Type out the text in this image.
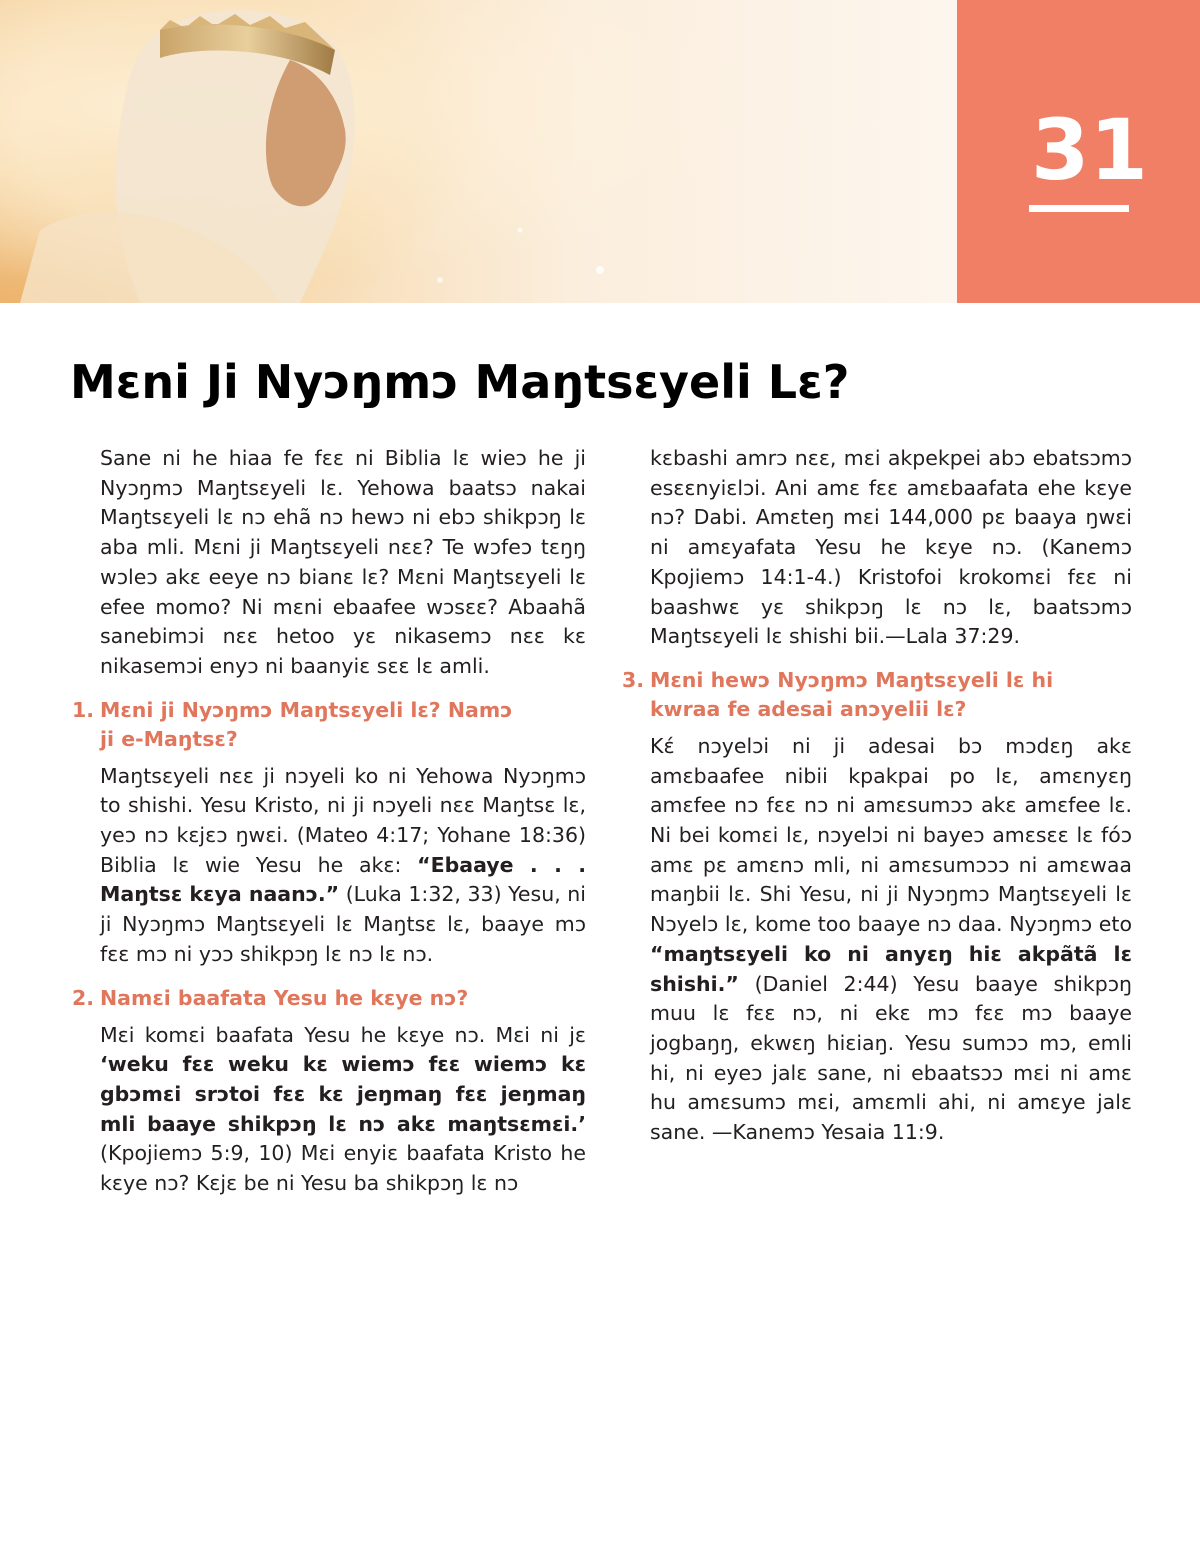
31
Mɛni Ji Nyɔŋmɔ Maŋtsɛyeli Lɛ?

Sane ni he hiaa fe fɛɛ ni Biblia lɛ wieɔ he ji Nyɔŋmɔ Maŋtsɛyeli lɛ. Yehowa baatsɔ nakai Maŋtsɛyeli lɛ nɔ ehã nɔ hewɔ ni ebɔ shikpɔŋ lɛ aba mli. Mɛni ji Maŋtsɛyeli nɛɛ? Te wɔfeɔ tɛŋŋ wɔleɔ akɛ eeye nɔ bianɛ lɛ? Mɛni Maŋtsɛyeli lɛ efee momo? Ni mɛni ebaafee wɔsɛɛ? Abaahã sanebimɔi nɛɛ hetoo yɛ nikasemɔ nɛɛ kɛ nikasemɔi enyɔ ni baanyiɛ sɛɛ lɛ amli.

1. Mɛni ji Nyɔŋmɔ Maŋtsɛyeli lɛ? Namɔ
ji e-Maŋtsɛ?

Maŋtsɛyeli nɛɛ ji nɔyeli ko ni Yehowa Nyɔŋmɔ to shishi. Yesu Kristo, ni ji nɔyeli nɛɛ Maŋtsɛ lɛ, yeɔ nɔ kɛjɛɔ ŋwɛi. (Mateo 4:17; Yohane 18:36) Biblia lɛ wie Yesu he akɛ: “Ebaaye . . . Maŋtsɛ kɛya naanɔ.” (Luka 1:32, 33) Yesu, ni ji Nyɔŋmɔ Maŋtsɛyeli lɛ Maŋtsɛ lɛ, baaye mɔ fɛɛ mɔ ni yɔɔ shikpɔŋ lɛ nɔ lɛ nɔ.

2. Namɛi baafata Yesu he kɛye nɔ?

Mɛi komɛi baafata Yesu he kɛye nɔ. Mɛi ni jɛ ‘weku fɛɛ weku kɛ wiemɔ fɛɛ wiemɔ kɛ gbɔmɛi srɔtoi fɛɛ kɛ jeŋmaŋ fɛɛ jeŋmaŋ mli baaye shikpɔŋ lɛ nɔ akɛ maŋtsɛmɛi.’ (Kpojiemɔ 5:9, 10) Mɛi enyiɛ baafata Kristo he kɛye nɔ? Kɛjɛ be ni Yesu ba shikpɔŋ lɛ nɔ

kɛbashi amrɔ nɛɛ, mɛi akpekpei abɔ ebatsɔmɔ esɛɛnyiɛlɔi. Ani amɛ fɛɛ amɛbaafata ehe kɛye nɔ? Dabi. Amɛteŋ mɛi 144,000 pɛ baaya ŋwɛi ni amɛyafata Yesu he kɛye nɔ. (Kanemɔ Kpojiemɔ 14:1-4.) Kristofoi krokomɛi fɛɛ ni baashwɛ yɛ shikpɔŋ lɛ nɔ lɛ, baatsɔmɔ Maŋtsɛyeli lɛ shishi bii.—Lala 37:29.

3. Mɛni hewɔ Nyɔŋmɔ Maŋtsɛyeli lɛ hi
kwraa fe adesai anɔyelii lɛ?

Kɛ́ nɔyelɔi ni ji adesai bɔ mɔdɛŋ akɛ amɛbaafee nibii kpakpai po lɛ, amɛnyɛŋ amɛfee nɔ fɛɛ nɔ ni amɛsumɔɔ akɛ amɛfee lɛ. Ni bei komɛi lɛ, nɔyelɔi ni bayeɔ amɛsɛɛ lɛ fóɔ amɛ pɛ amɛnɔ mli, ni amɛsumɔɔɔ ni amɛwaa maŋbii lɛ. Shi Yesu, ni ji Nyɔŋmɔ Maŋtsɛyeli lɛ Nɔyelɔ lɛ, kome too baaye nɔ daa. Nyɔŋmɔ eto “maŋtsɛyeli ko ni anyɛŋ hiɛ akpãtã lɛ shishi.” (Daniel 2:44) Yesu baaye shikpɔŋ muu lɛ fɛɛ nɔ, ni ekɛ mɔ fɛɛ mɔ baaye jogbaŋŋ, ekwɛŋ hiɛiaŋ. Yesu sumɔɔ mɔ, emli hi, ni eyeɔ jalɛ sane, ni ebaatsɔɔ mɛi ni amɛ hu amɛsumɔ mɛi, amɛmli ahi, ni amɛye jalɛ sane. —Kanemɔ Yesaia 11:9.
